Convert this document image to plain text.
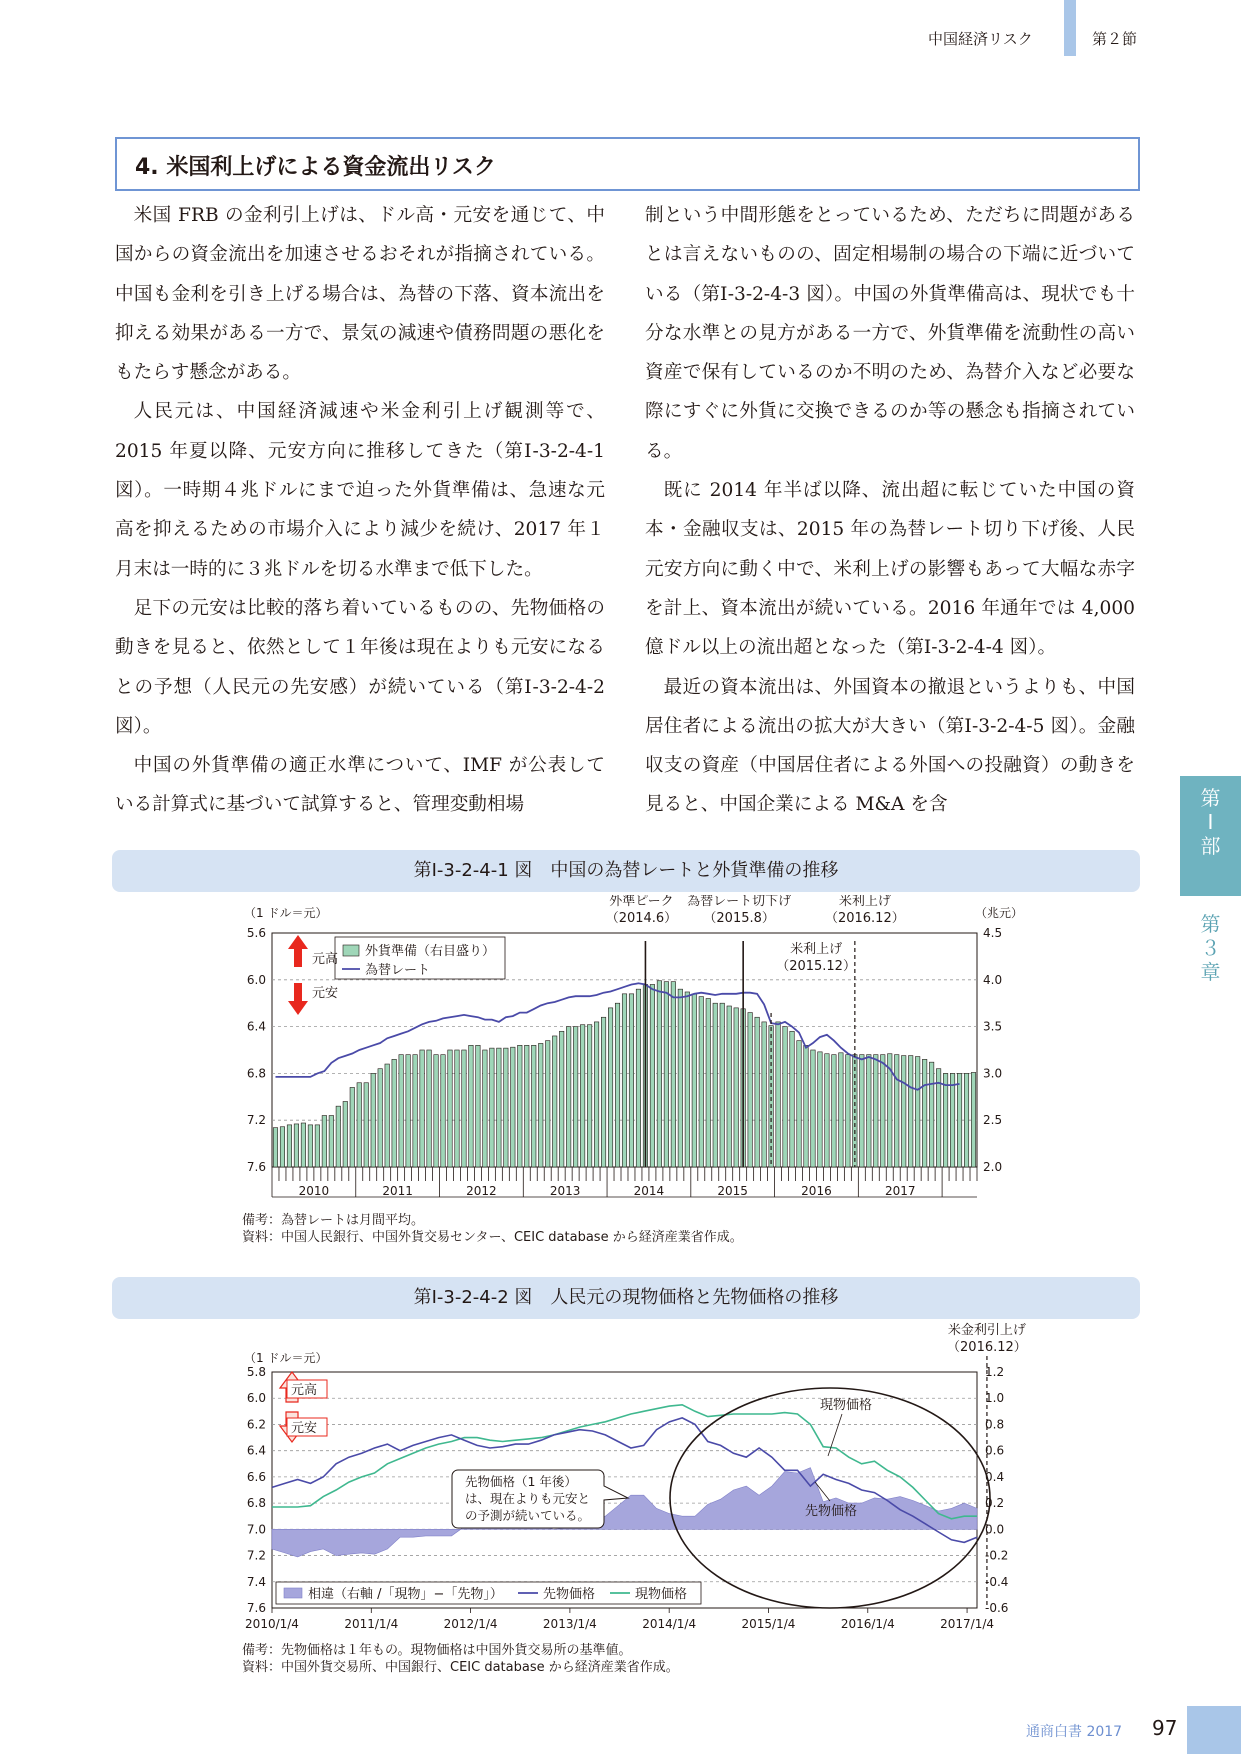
中国経済リスク	第２節
4. 米国利上げによる資金流出リスク

米国 FRB の金利引上げは、ドル高・元安を通じて、中国からの資金流出を加速させるおそれが指摘されている。中国も金利を引き上げる場合は、為替の下落、資本流出を抑える効果がある一方で、景気の減速や債務問題の悪化をもたらす懸念がある。

人民元は、中国経済減速や米金利引上げ観測等で、2015 年夏以降、元安方向に推移してきた（第Ⅰ-3-2-4-1 図）。一時期４兆ドルにまで迫った外貨準備は、急速な元高を抑えるための市場介入により減少を続け、2017 年１月末は一時的に３兆ドルを切る水準まで低下した。

足下の元安は比較的落ち着いているものの、先物価格の動きを見ると、依然として１年後は現在よりも元安になるとの予想（人民元の先安感）が続いている（第Ⅰ-3-2-4-2 図）。

中国の外貨準備の適正水準について、IMF が公表している計算式に基づいて試算すると、管理変動相場

制という中間形態をとっているため、ただちに問題があるとは言えないものの、固定相場制の場合の下端に近づいている（第Ⅰ-3-2-4-3 図）。中国の外貨準備高は、現状でも十分な水準との見方がある一方で、外貨準備を流動性の高い資産で保有しているのか不明のため、為替介入など必要な際にすぐに外貨に交換できるのか等の懸念も指摘されている。

既に 2014 年半ば以降、流出超に転じていた中国の資本・金融収支は、2015 年の為替レート切り下げ後、人民元安方向に動く中で、米利上げの影響もあって大幅な赤字を計上、資本流出が続いている。2016 年通年では 4,000 億ドル以上の流出超となった（第Ⅰ-3-2-4-4 図）。

最近の資本流出は、外国資本の撤退というよりも、中国居住者による流出の拡大が大きい（第Ⅰ-3-2-4-5 図）。金融収支の資産（中国居住者による外国への投融資）の動きを見ると、中国企業による M&A を含	第
Ⅰ
部
第
３
章
第Ⅰ-3-2-4-1 図　中国の為替レートと外貨準備の推移
（1 ドル＝元）	（兆元）
5.6
6.0
6.4
6.8
7.2
7.6
4.5
4.0
3.5
3.0
2.5
2.0
2010	2011	2012	2013	2014	2015	2016	2017
外準ピーク
（2014.6）
為替レート切下げ
（2015.8）
米利上げ
（2016.12）
米利上げ
（2015.12）
外貨準備（右目盛り）
為替レート
元高
元安
備考：為替レートは月間平均。
資料：中国人民銀行、中国外貨交易センター、CEIC database から経済産業省作成。
第Ⅰ-3-2-4-2 図　人民元の現物価格と先物価格の推移
（1 ドル＝元）
5.8
6.0
6.2
6.4
6.6
6.8
7.0
7.2
7.4
7.6
1.2
1.0
0.8
0.6
0.4
0.2
0.0
-0.2
-0.4
-0.6
2010/1/4	2011/1/4	2012/1/4	2013/1/4	2014/1/4	2015/1/4	2016/1/4	2017/1/4
米金利引上げ
（2016.12）
現物価格
先物価格
先物価格（1 年後）
は、現在よりも元安と
の予測が続いている。
元高
元安
相違（右軸 /「現物」−「先物」）	先物価格	現物価格
備考：先物価格は１年もの。現物価格は中国外貨交易所の基準値。
資料：中国外貨交易所、中国銀行、CEIC database から経済産業省作成。
通商白書 2017 97
